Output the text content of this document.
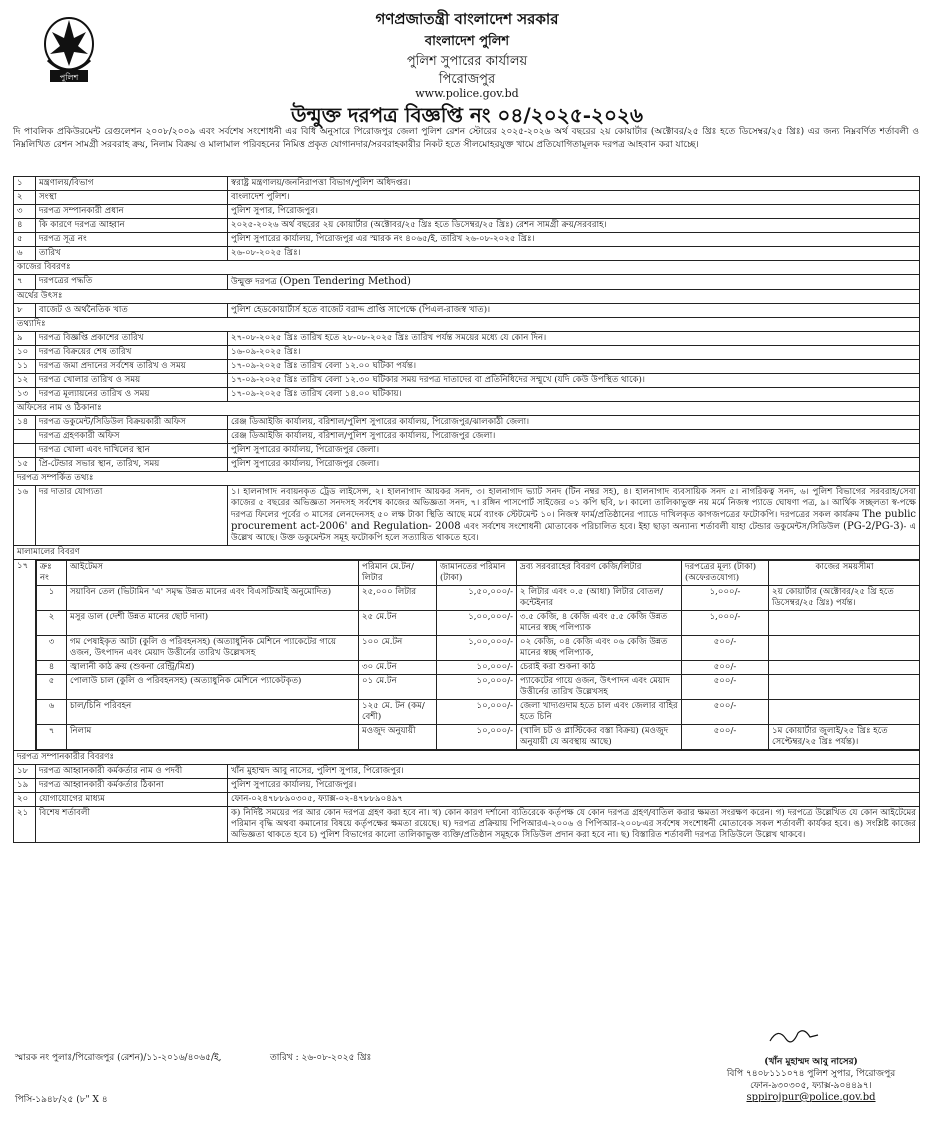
পুলিশ
গণপ্রজাতন্ত্রী বাংলাদেশ সরকার
বাংলাদেশ পুলিশ
পুলিশ সুপারের কার্যালয়
পিরোজপুর
www.police.gov.bd
উন্মুক্ত দরপত্র বিজ্ঞপ্তি নং ০৪/২০২৫-২০২৬
দি পাবলিক প্রকিউরমেন্ট রেগুলেশন ২০০৮/২০০৯ এবং সর্বশেষ সংশোধনী এর বিধি অনুসারে পিরোজপুর জেলা পুলিশ রেশন স্টোরের ২০২৫-২০২৬ অর্থ বছরের ২য় কোয়ার্টার (অক্টোবর/২৫ খ্রিঃ হতে ডিসেম্বর/২৫ খ্রিঃ) এর জন্য নিম্নবর্ণিত শর্তাবলী ও নিম্নলিখিত রেশন সামগ্রী সরবরাহ ক্রয়, নিলাম বিক্রয় ও মালামাল পরিবহনের নিমিত্ত প্রকৃত যোগানদার/সরবরাহকারীর নিকট হতে সীলমোহরযুক্ত খামে প্রতিযোগিতামূলক দরপত্র আহবান করা যাচ্ছে।
১	মন্ত্রণালয়/বিভাগ	স্বরাষ্ট্র মন্ত্রণালয়/জননিরাপত্তা বিভাগ/পুলিশ অধিদপ্তর।
২	সংস্থা	বাংলাদেশ পুলিশ।
৩	দরপত্র সম্পানকারী প্রধান	পুলিশ সুপার, পিরোজপুর।
৪	কি কারণে দরপত্র আহ্বান	২০২৫-২০২৬ অর্থ বছরের ২য় কোয়ার্টার (অক্টোবর/২৫ খ্রিঃ হতে ডিসেম্বর/২৫ খ্রিঃ) রেশন সামগ্রী ক্রয়/সরবরাহ।
৫	দরপত্র সূত্র নং	পুলিশ সুপারের কার্যালয়, পিরোজপুর এর স্মারক নং ৪০৬৫/ই, তারিখ ২৬-০৮-২০২৫ খ্রিঃ।
৬	তারিখ	২৬-০৮-২০২৫ খ্রিঃ।
কাজের বিবরণঃ
৭	দরপত্রের পদ্ধতি	উন্মুক্ত দরপত্র (Open Tendering Method)
অর্থের উৎসঃ
৮	বাজেট ও অর্থনৈতিক খাত	পুলিশ হেডকোয়ার্টার্স হতে বাজেট বরাদ্দ প্রাপ্তি সাপেক্ষে (পিএল-রাজস্ব খাত)।
তথ্যাদিঃ
৯	দরপত্র বিজ্ঞপ্তি প্রকাশের তারিখ	২৭-০৮-২০২৫ খ্রিঃ তারিখ হতে ২৮-০৮-২০২৫ খ্রিঃ তারিখ পর্যন্ত সময়ের মধ্যে যে কোন দিন।
১০	দরপত্র বিক্রয়ের শেষ তারিখ	১৬-০৯-২০২৫ খ্রিঃ।
১১	দরপত্র জমা প্রদানের সর্বশেষ তারিখ ও সময়	১৭-০৯-২০২৫ খ্রিঃ তারিখ বেলা ১২.০০ ঘটিকা পর্যন্ত।
১২	দরপত্র খোলার তারিখ ও সময়	১৭-০৯-২০২৫ খ্রিঃ তারিখ বেলা ১২.৩০ ঘটিকার সময় দরপত্র দাতাদের বা প্রতিনিধিদের সম্মুখে (যদি কেউ উপস্থিত থাকে)।
১৩	দরপত্র মূল্যায়নের তারিখ ও সময়	১৭-০৯-২০২৫ খ্রিঃ তারিখ বেলা ১৪.০০ ঘটিকায়।
অফিসের নাম ও ঠিকানাঃ
১৪	দরপত্র ডকুমেন্ট/সিডিউল বিক্রয়কারী অফিস	রেঞ্জ ডিআইজি কার্যালয়, বরিশাল/পুলিশ সুপারের কার্যালয়, পিরোজপুর/ঝালকাঠী জেলা।
	দরপত্র গ্রহণকারী অফিস	রেঞ্জ ডিআইজি কার্যালয়, বরিশাল/পুলিশ সুপারের কার্যালয়, পিরোজপুর জেলা।
	দরপত্র খোলা এবং দাখিলের স্থান	পুলিশ সুপারের কার্যালয়, পিরোজপুর জেলা।
১৫	প্রি-টেন্ডার সভার স্থান, তারিখ, সময়	পুলিশ সুপারের কার্যালয়, পিরোজপুর জেলা।
দরপত্র সম্পর্কিত তথ্যঃ
১৬	দর দাতার যোগ্যতা	১। হালনাগাদ নবায়নকৃত ট্রেড লাইসেন্স, ২। হালনাগাদ আয়কর সনদ, ৩। হালনাগাদ ভ্যাট সনদ (টিন নম্বর সহ), ৪। হালনাগাদ ব্যবসায়িক সনদ ৫। নাগরিকত্ব সনদ, ৬। পুলিশ বিভাগের সরবরাহ/সেবা কাজের ৫ বছরের অভিজ্ঞতা সনদসহ সর্বশেষ কাজের অভিজ্ঞতা সনদ, ৭। রঙ্গিন পাসপোর্ট সাইজের ০১ কপি ছবি, ৮। কালো তালিকাভুক্ত নয় মর্মে নিজস্ব প্যাডে ঘোষণা পত্র, ৯। আর্থিক সচ্ছলতা স্ব-পক্ষে দরপত্র ফিলের পূর্বের ৩ মাসের লেনদেনসহ ৫০ লক্ষ টাকা স্থিতি আছে মর্মে ব্যাংক স্টেটমেন্ট ১০। নিজস্ব ফার্ম/প্রতিষ্ঠানের প্যাডে দাখিলকৃত কাগজপত্রের ফটোকপি। দরপত্রের সকল কার্যক্রম The public procurement act-2006' and Regulation- 2008 এবং সর্বশেষ সংশোধনী মোতাবেক পরিচালিত হবে। ইহা ছাড়া অন্যান্য শর্তাবলী যাহা টেন্ডার ডকুমেন্টস/সিডিউল (PG-2/PG-3)- এ উল্লেখ আছে। উক্ত ডকুমেন্টস সমূহ ফটোকপি হলে সত্যায়িত থাকতে হবে।
মালামালের বিবরণ
১৭	ক্রঃ নং	আইটেমস	পরিমান মে.টন/ লিটার	জামানতের পরিমান (টাকা)	দ্রব্য সরবরাহের বিবরণ কেজি/লিটার	দরপত্রের মূল্য (টাকা) (অফেরতযোগ্য)	কাজের সময়সীমা
১	সয়াবিন তেল (ভিটামিন 'এ' সমৃদ্ধ উন্নত মানের এবং বিএসটিআই অনুমোদিত)	২৫,০০০ লিটার	১,৫০,০০০/-	২ লিটার এবং ০.৫ (আধা) লিটার বোতল/কন্টেইনার	১,০০০/-	২য় কোয়ার্টার (অক্টোবর/২৫ খ্রি হতে ডিসেম্বর/২৫ খ্রিঃ) পর্যন্ত।
২	মসুর ডাল (দেশী উন্নত মানের ছোট দানা)	২৫ মে.টন	১,০০,০০০/-	৩.৫ কেজি, ৪ কেজি এবং ৫.৫ কেজি উন্নত মানের স্বচ্ছ পলিপ্যাক	১,০০০/-	
৩	গম পেষাইকৃত আটা (কুলি ও পরিবহনসহ) (অত্যাধুনিক মেশিনে প্যাকেটের গায়ে ওজন, উৎপাদন এবং মেয়াদ উত্তীর্নের তারিখ উল্লেখসহ	১০০ মে.টন	১,০০,০০০/-	০২ কেজি, ০৪ কেজি এবং ০৬ কেজি উন্নত মানের স্বচ্ছ পলিপ্যাক,	৫০০/-	
৪	জ্বালানী কাঠ ক্রয় (শুকনা রেন্ট্রি/মিশ্র)	৩০ মে.টন	১০,০০০/-	চেরাই করা শুকনা কাঠ	৫০০/-	
৫	পোলাউ চাল (কুলি ও পরিবহনসহ) (অত্যাধুনিক মেশিনে প্যাকেটকৃত)	০১ মে.টন	১০,০০০/-	প্যাকেটের গায়ে ওজন, উৎপাদন এবং মেয়াদ উত্তীর্নের তারিখ উল্লেখসহ	৫০০/-	
৬	চাল/চিনি পরিবহন	১২৫ মে. টন (কম/বেশী)	১০,০০০/-	জেলা খাদ্যগুদাম হতে চাল এবং জেলার বাহির হতে চিনি	৫০০/-	
৭	নিলাম	মওজুদ অনুযায়ী	১০,০০০/-	(খালি চট ও প্লাস্টিকের বস্তা বিক্রয়) (মওজুদ অনুযায়ী যে অবস্থায় আছে)	৫০০/-	১ম কোয়ার্টার জুলাই/২৫ খ্রিঃ হতে সেপ্টেম্বর/২৫ খ্রিঃ পর্যন্ত)।

দরপত্র সম্পানকারীর বিবরণঃ
১৮	দরপত্র আহ্বানকারী কর্মকর্তার নাম ও পদবী	খাঁন মুহাম্মদ আবু নাসের, পুলিশ সুপার, পিরোজপুর।
১৯	দরপত্র আহ্বানকারী কর্মকর্তার ঠিকানা	পুলিশ সুপারের কার্যালয়, পিরোজপুর।
২০	যোগাযোগের মাধ্যম	ফোন-০২৪৭৮৮৯০৩০৫, ফ্যাক্স-০২-৪৭৮৮৯০৪৯৭
২১	বিশেষ শর্তাবলী	ক) নির্দিষ্ট সময়ের পর আর কোন দরপত্র গ্রহণ করা হবে না। খ) কোন কারণ দর্শানো ব্যতিরেকে কর্তৃপক্ষ যে কোন দরপত্র গ্রহণ/বাতিল করার ক্ষমতা সংরক্ষণ করেন। গ) দরপত্রে উল্লেখিত যে কোন আইটেমের পরিমান বৃদ্ধি অথবা কমানোর বিষয়ে কর্তৃপক্ষের ক্ষমতা রয়েছে। ঘ) দরপত্র প্রক্রিয়ায় পিপিআরএ-২০০৬ ও পিপিআর-২০০৮এর সর্বশেষ সংশোধনী মোতাবেক সকল শর্তাবলী কার্যকর হবে। ঙ) সংশ্লিষ্ট কাজের অভিজ্ঞতা থাকতে হবে চ) পুলিশ বিভাগের কালো তালিকাভুক্ত ব্যক্তি/প্রতিষ্ঠান সমূহকে সিডিউল প্রদান করা হবে না। ছ) বিস্তারিত শর্তাবলী দরপত্র সিডিউলে উল্লেখ থাকবে।
স্মারক নং পুলাঃ/পিরোজপুর (রেশন)/১১-২০১৬/৪০৬৫/ই,	তারিখ : ২৬-০৮-২০২৫ খ্রিঃ	(খাঁন মুহাম্মদ আবু নাসের)
বিপি ৭৪০৮১১১০৭৪ পুলিশ সুপার, পিরোজপুর
ফোন-৯৩০৩০৫, ফ্যাক্স-৯০৪৪৯৭।
sppirojpur@police.gov.bd
পিসি-১৯৪৮/২৫ (৮" X ৪
